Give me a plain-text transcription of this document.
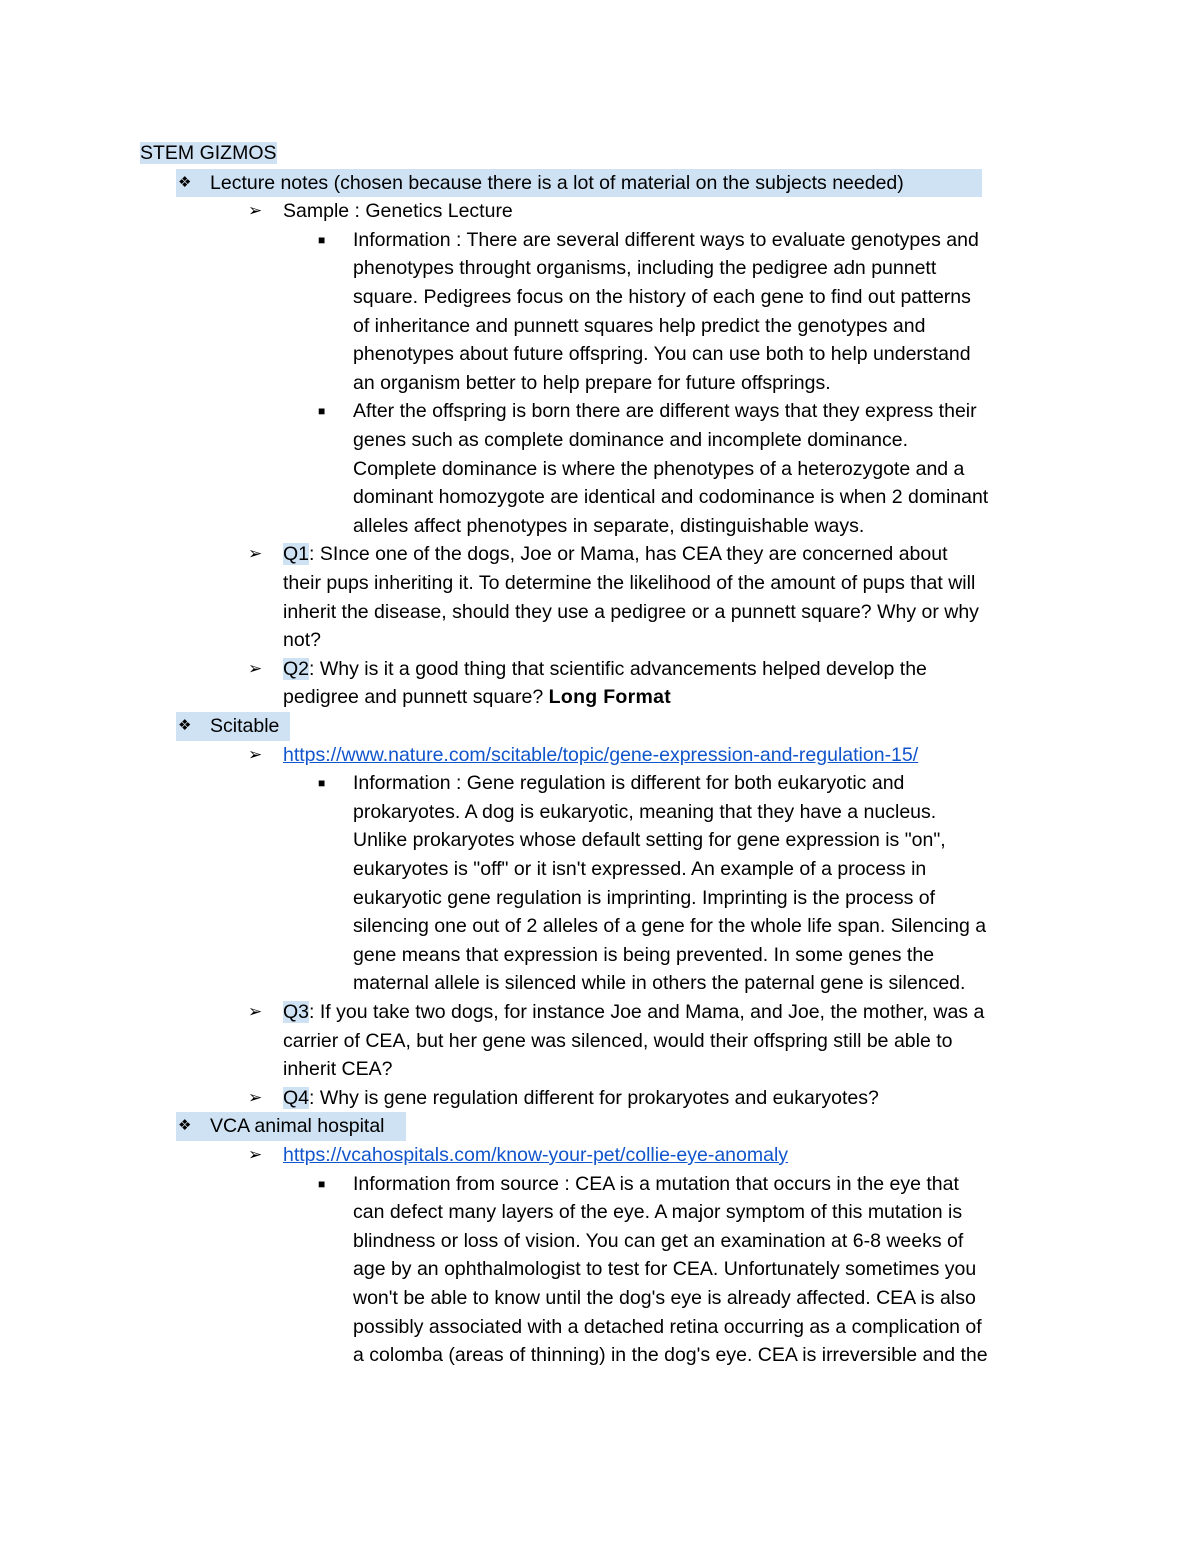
STEM GIZMOS
❖ Lecture notes (chosen because there is a lot of material on the subjects needed)
➢ Sample : Genetics Lecture
■ Information : There are several different ways to evaluate genotypes and
phenotypes throught organisms, including the pedigree adn punnett
square. Pedigrees focus on the history of each gene to find out patterns
of inheritance and punnett squares help predict the genotypes and
phenotypes about future offspring. You can use both to help understand
an organism better to help prepare for future offsprings.
■ After the offspring is born there are different ways that they express their
genes such as complete dominance and incomplete dominance.
Complete dominance is where the phenotypes of a heterozygote and a
dominant homozygote are identical and codominance is when 2 dominant
alleles affect phenotypes in separate, distinguishable ways.
➢ Q1: SInce one of the dogs, Joe or Mama, has CEA they are concerned about
their pups inheriting it. To determine the likelihood of the amount of pups that will
inherit the disease, should they use a pedigree or a punnett square? Why or why
not?
➢ Q2: Why is it a good thing that scientific advancements helped develop the
pedigree and punnett square? Long Format
❖ Scitable
➢ https://www.nature.com/scitable/topic/gene-expression-and-regulation-15/
■ Information : Gene regulation is different for both eukaryotic and
prokaryotes. A dog is eukaryotic, meaning that they have a nucleus.
Unlike prokaryotes whose default setting for gene expression is "on",
eukaryotes is "off" or it isn't expressed. An example of a process in
eukaryotic gene regulation is imprinting. Imprinting is the process of
silencing one out of 2 alleles of a gene for the whole life span. Silencing a
gene means that expression is being prevented. In some genes the
maternal allele is silenced while in others the paternal gene is silenced.
➢ Q3: If you take two dogs, for instance Joe and Mama, and Joe, the mother, was a
carrier of CEA, but her gene was silenced, would their offspring still be able to
inherit CEA?
➢ Q4: Why is gene regulation different for prokaryotes and eukaryotes?
❖ VCA animal hospital
➢ https://vcahospitals.com/know-your-pet/collie-eye-anomaly
■ Information from source : CEA is a mutation that occurs in the eye that
can defect many layers of the eye. A major symptom of this mutation is
blindness or loss of vision. You can get an examination at 6-8 weeks of
age by an ophthalmologist to test for CEA. Unfortunately sometimes you
won't be able to know until the dog's eye is already affected. CEA is also
possibly associated with a detached retina occurring as a complication of
a colomba (areas of thinning) in the dog's eye. CEA is irreversible and the
